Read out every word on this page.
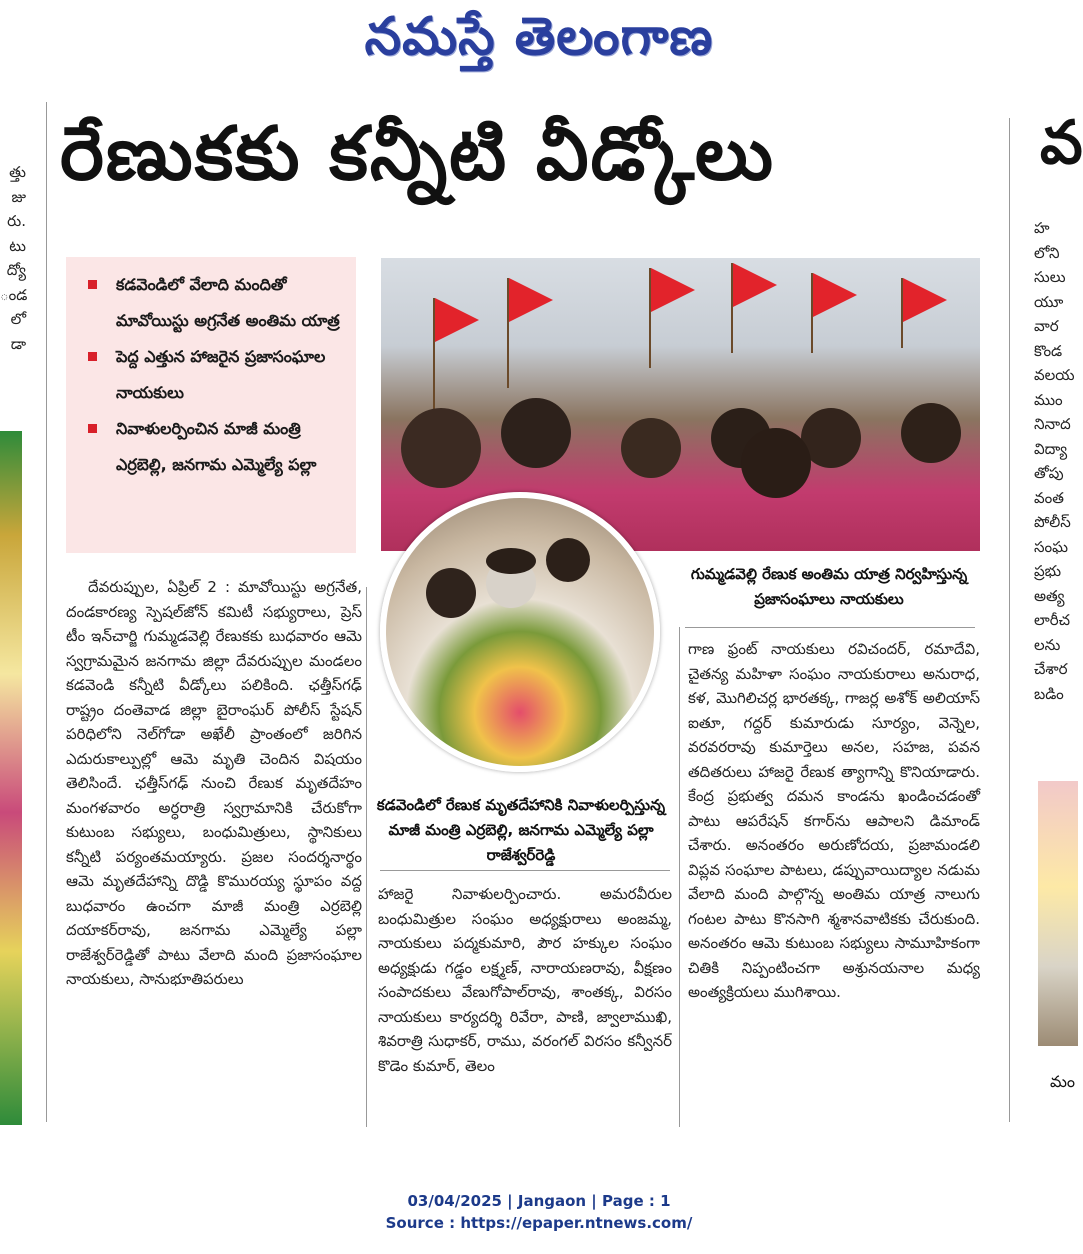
నమస్తే తెలంగాణ
త్తు
జు
రు.
టు
ద్యో
ండ
లో
డా
రేణుకకు కన్నీటి వీడ్కోలు	వ
హ
లోని
సులు
యూ
వార
కొండ
వలయ
ముం
నినాద
విద్యా
తోపు
వంత
పోలీస్
సంఘ
ప్రభు
అత్య
లారీచ
లను
చేశార
బడిం
కడవెండిలో వేలాది మందితో మావోయిస్టు అగ్రనేత అంతిమ యాత్ర
పెద్ద ఎత్తున హాజరైన ప్రజాసంఘాల నాయకులు
నివాళులర్పించిన మాజీ మంత్రి ఎర్రబెల్లి, జనగామ ఎమ్మెల్యే పల్లా
గుమ్మడవెల్లి రేణుక అంతిమ యాత్ర నిర్వహిస్తున్న ప్రజాసంఘాలు నాయకులు
కడవెండిలో రేణుక మృతదేహానికి నివాళులర్పిస్తున్న మాజీ మంత్రి ఎర్రబెల్లి, జనగామ ఎమ్మెల్యే పల్లా రాజేశ్వర్‌రెడ్డి

దేవరుప్పుల, ఏప్రిల్ 2 : మావోయిస్టు అగ్రనేత, దండకారణ్య స్పెషల్‌జోన్ కమిటీ సభ్యురాలు, ప్రెస్ టీం ఇన్‌చార్జి గుమ్మడవెల్లి రేణుకకు బుధవారం ఆమె స్వగ్రామమైన జనగామ జిల్లా దేవరుప్పుల మండలం కడవెండి కన్నీటి వీడ్కోలు పలికింది. ఛత్తీస్‌గఢ్ రాష్ట్రం దంతెవాడ జిల్లా బైరాంఘర్ పోలీస్ స్టేషన్ పరిధిలోని నెల్‌గోడా అఖేలీ ప్రాంతంలో జరిగిన ఎదురుకాల్పుల్లో ఆమె మృతి చెందిన విషయం తెలిసిందే. ఛత్తీస్‌గఢ్ నుంచి రేణుక మృతదేహం మంగళవారం అర్ధరాత్రి స్వగ్రామానికి చేరుకోగా కుటుంబ సభ్యులు, బంధుమిత్రులు, స్థానికులు కన్నీటి పర్యంతమయ్యారు. ప్రజల సందర్శనార్థం ఆమె మృతదేహాన్ని దొడ్డి కొమురయ్య స్థూపం వద్ద బుధవారం ఉంచగా మాజీ మంత్రి ఎర్రబెల్లి దయాకర్‌రావు, జనగామ ఎమ్మెల్యే పల్లా రాజేశ్వర్‌రెడ్డితో పాటు వేలాది మంది ప్రజాసంఘాల నాయకులు, సానుభూతిపరులు

హాజరై నివాళులర్పించారు. అమరవీరుల బంధుమిత్రుల సంఘం అధ్యక్షురాలు అంజమ్మ, నాయకులు పద్మకుమారి, పౌర హక్కుల సంఘం అధ్యక్షుడు గడ్డం లక్ష్మణ్, నారాయణరావు, వీక్షణం సంపాదకులు వేణుగోపాల్‌రావు, శాంతక్క, విరసం నాయకులు కార్యదర్శి రివేరా, పాణి, జ్వాలాముఖి, శివరాత్రి సుధాకర్, రాము, వరంగల్ విరసం కన్వీనర్ కొడెం కుమార్, తెలం

గాణ ఫ్రంట్ నాయకులు రవిచందర్, రమాదేవి, చైతన్య మహిళా సంఘం నాయకురాలు అనురాధ, కళ, మొగిలిచర్ల భారతక్క, గాజర్ల అశోక్ అలియాస్ ఐతూ, గద్దర్ కుమారుడు సూర్యం, వెన్నెల, వరవరరావు కుమార్తెలు అనల, సహజ, పవన తదితరులు హాజరై రేణుక త్యాగాన్ని కొనియాడారు. కేంద్ర ప్రభుత్వ దమన కాండను ఖండించడంతో పాటు ఆపరేషన్ కగార్‌ను ఆపాలని డిమాండ్ చేశారు. అనంతరం అరుణోదయ, ప్రజామండలి విప్లవ సంఘాల పాటలు, డప్పువాయిద్యాల నడుమ వేలాది మంది పాల్గొన్న అంతిమ యాత్ర నాలుగు గంటల పాటు కొనసాగి శ్మశానవాటికకు చేరుకుంది. అనంతరం ఆమె కుటుంబ సభ్యులు సామూహికంగా చితికి నిప్పంటించగా అశ్రునయనాల మధ్య అంత్యక్రియలు ముగిశాయి.

మం
03/04/2025 | Jangaon | Page : 1
Source : https://epaper.ntnews.com/
